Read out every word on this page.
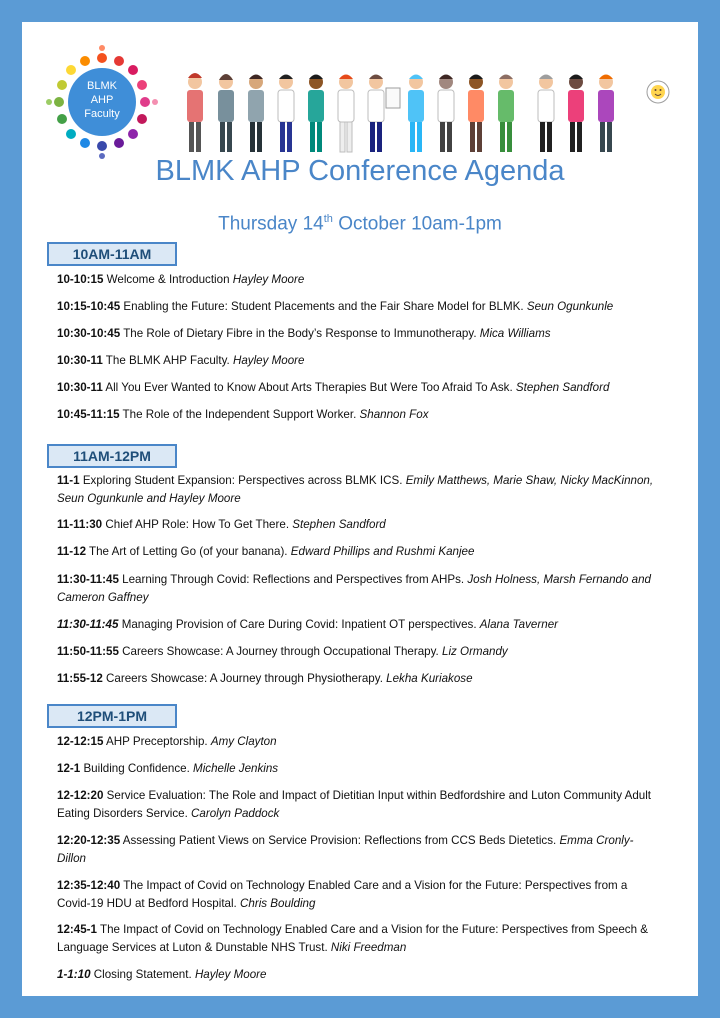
BLMK
AHP
Faculty
BLMK AHP Conference Agenda
Thursday 14th October 10am-1pm
10AM-11AM
10-10:15 Welcome & Introduction Hayley Moore
10:15-10:45 Enabling the Future: Student Placements and the Fair Share Model for BLMK. Seun Ogunkunle
10:30-10:45 The Role of Dietary Fibre in the Body’s Response to Immunotherapy. Mica Williams
10:30-11 The BLMK AHP Faculty. Hayley Moore
10:30-11 All You Ever Wanted to Know About Arts Therapies But Were Too Afraid To Ask. Stephen Sandford
10:45-11:15 The Role of the Independent Support Worker. Shannon Fox
11AM-12PM
11-1 Exploring Student Expansion: Perspectives across BLMK ICS. Emily Matthews, Marie Shaw, Nicky MacKinnon, Seun Ogunkunle and Hayley Moore
11-11:30 Chief AHP Role: How To Get There. Stephen Sandford
11-12 The Art of Letting Go (of your banana). Edward Phillips and Rushmi Kanjee
11:30-11:45 Learning Through Covid: Reflections and Perspectives from AHPs. Josh Holness, Marsh Fernando and Cameron Gaffney
11:30-11:45 Managing Provision of Care During Covid: Inpatient OT perspectives. Alana Taverner
11:50-11:55 Careers Showcase: A Journey through Occupational Therapy. Liz Ormandy
11:55-12 Careers Showcase: A Journey through Physiotherapy. Lekha Kuriakose
12PM-1PM
12-12:15 AHP Preceptorship. Amy Clayton
12-1 Building Confidence. Michelle Jenkins
12-12:20 Service Evaluation: The Role and Impact of Dietitian Input within Bedfordshire and Luton Community Adult Eating Disorders Service. Carolyn Paddock
12:20-12:35 Assessing Patient Views on Service Provision: Reflections from CCS Beds Dietetics. Emma Cronly-Dillon
12:35-12:40 The Impact of Covid on Technology Enabled Care and a Vision for the Future: Perspectives from a Covid-19 HDU at Bedford Hospital. Chris Boulding
12:45-1 The Impact of Covid on Technology Enabled Care and a Vision for the Future: Perspectives from Speech & Language Services at Luton & Dunstable NHS Trust. Niki Freedman
1-1:10 Closing Statement. Hayley Moore
